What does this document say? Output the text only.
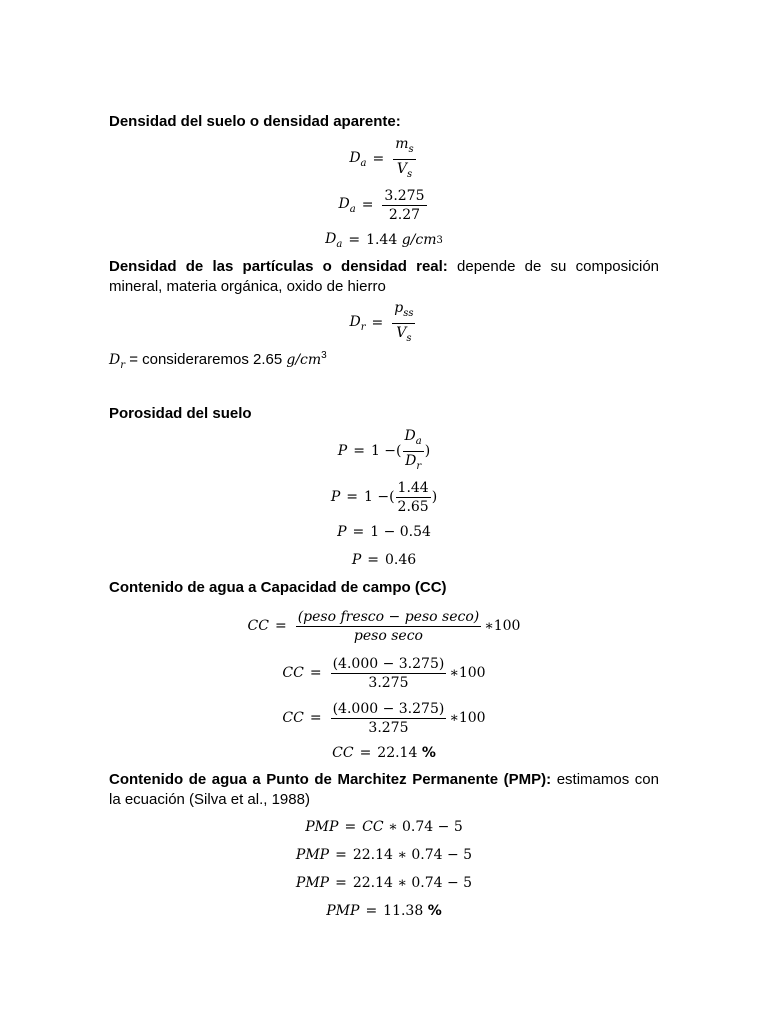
Densidad del suelo o densidad aparente:
$D_a = \frac{m_s}{V_s}$
$D_a = \frac{3.275}{2.27}$
$D_a = 1.44$
g/cm 3
Densidad de las partículas o densidad real: depende de su composición mineral, materia orgánica, oxido de hierro
$D_r = \frac{p_{ss}}{V_s}$
$D_r$ = consideraremos 2.65 $g/cm^3$
Porosidad del suelo
P = 1 − ( $\frac{D_a}{D_r}$ )
P = 1 − ( $\frac{1.44}{2.65}$ )
P = 1 − 0.54
P = 0.46
Contenido de agua a Capacidad de campo (CC)
CC = $\frac{\text{(peso fresco − peso seco)}}{\text{peso seco}}$ ∗ 100
CC = $\frac{(4.000 - 3.275)}{3.275}$ ∗ 100
CC = $\frac{(4.000 - 3.275)}{3.275}$ ∗ 100
CC = 22.14
%
Contenido de agua a Punto de Marchitez Permanente (PMP): estimamos con la ecuación (Silva et al., 1988)
PMP = CC
∗ 0.74 − 5
PMP = 22.14 ∗ 0.74 − 5
PMP = 22.14 ∗ 0.74 − 5
PMP = 11.38
%
